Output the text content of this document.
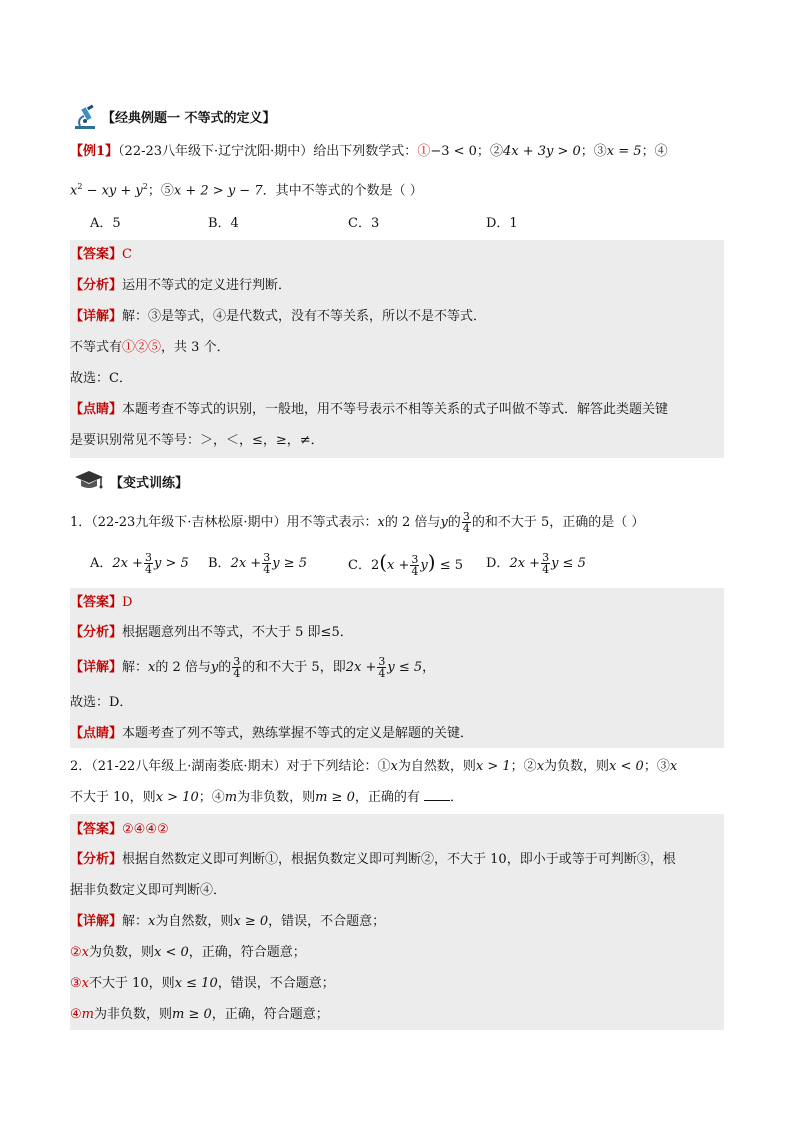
【经典例题一 不等式的定义】
【例1】（22-23八年级下·辽宁沈阳·期中）给出下列数学式：①−3 < 0；②4x + 3y > 0；③x = 5；④
$x^2$ − xy + $y^2$；⑤x + 2 > y − 7．其中不等式的个数是（ ）
A．5	B．4	C．3	D．1
【答案】C
【分析】运用不等式的定义进行判断．
【详解】解：③是等式，④是代数式，没有不等关系，所以不是不等式．
不等式有①②⑤，共 3 个．
故选：C．
【点睛】本题考查不等式的识别，一般地，用不等号表示不相等关系的式子叫做不等式．解答此类题关键
是要识别常见不等号：＞，＜，≤，≥，≠．
【变式训练】
1．（22-23九年级下·吉林松原·期中）用不等式表示：x的 2 倍与y的 $\frac{3}{4}$ 的和不大于 5，正确的是（ ）
A．$2x + \frac{3}{4}$ y > 5 B．$2x + \frac{3}{4}$ y ≥ 5	C．$2(x + \frac{3}{4} y) \le 5$ D．$2x + \frac{3}{4}$ y ≤ 5
【答案】D
【分析】根据题意列出不等式，不大于 5 即≤5．
【详解】解：x的 2 倍与y的 $\frac{3}{4}$ 的和不大于 5，即$2x + \frac{3}{4}$ y ≤ 5，
故选：D．
【点睛】本题考查了列不等式，熟练掌握不等式的定义是解题的关键．
2．（21-22八年级上·湖南娄底·期末）对于下列结论：①x为自然数，则x > 1；②x为负数，则x < 0；③x
不大于 10，则x > 10；④m为非负数，则m ≥ 0，正确的有 ．
【答案】②④④②
【分析】根据自然数定义即可判断①，根据负数定义即可判断②，不大于 10，即小于或等于可判断③，根
据非负数定义即可判断④．
【详解】解：x为自然数，则x ≥ 0，错误，不合题意；
②x为负数，则x < 0，正确，符合题意；
③x不大于 10，则x ≤ 10，错误，不合题意；
④m为非负数，则m ≥ 0，正确，符合题意；
